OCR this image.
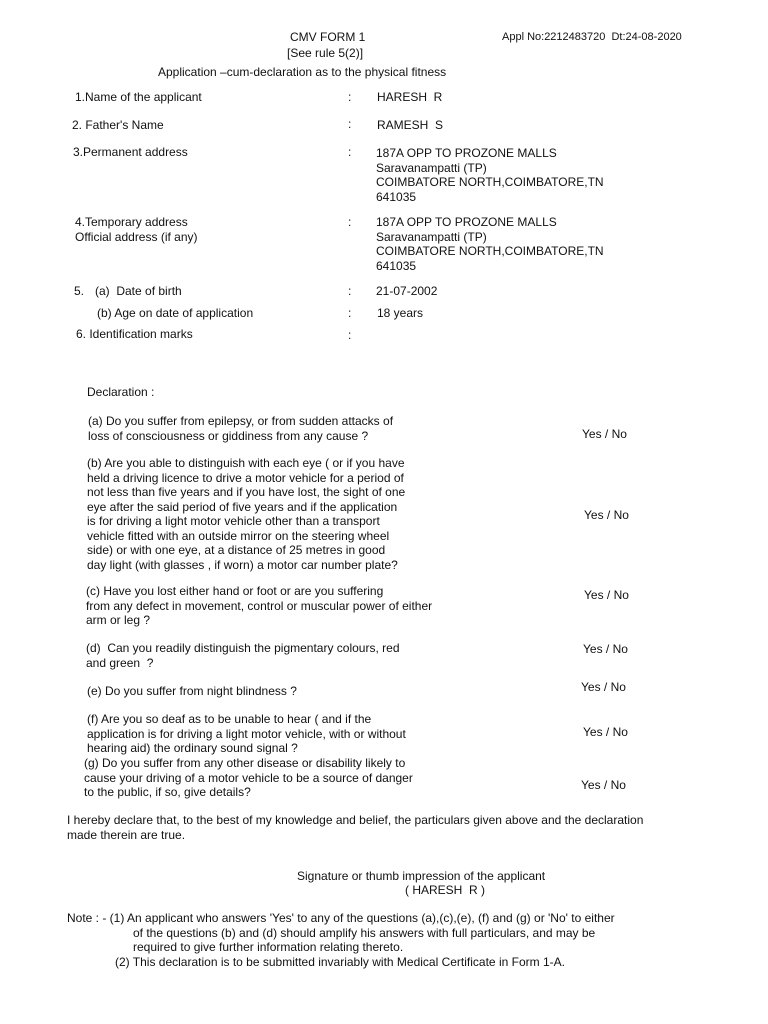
CMV FORM 1
[See rule 5(2)]
Application –cum-declaration as to the physical fitness
Appl No:2212483720  Dt:24-08-2020
1.Name of the applicant	: HARESH  R
2. Father's Name	: RAMESH  S
3.Permanent address	: 187A OPP TO PROZONE MALLS
Saravanampatti (TP)
COIMBATORE NORTH,COIMBATORE,TN
641035
4.Temporary address
Official address (if any)
: 187A OPP TO PROZONE MALLS
Saravanampatti (TP)
COIMBATORE NORTH,COIMBATORE,TN
641035
5. (a)  Date of birth	: 21-07-2002
(b) Age on date of application	: 18 years
6. Identification marks	:
Declaration :
(a) Do you suffer from epilepsy, or from sudden attacks of
loss of consciousness or giddiness from any cause ?	Yes / No
(b) Are you able to distinguish with each eye ( or if you have
held a driving licence to drive a motor vehicle for a period of
not less than five years and if you have lost, the sight of one
eye after the said period of five years and if the application
is for driving a light motor vehicle other than a transport
vehicle fitted with an outside mirror on the steering wheel
side) or with one eye, at a distance of 25 metres in good
day light (with glasses , if worn) a motor car number plate?
Yes / No
(c) Have you lost either hand or foot or are you suffering
from any defect in movement, control or muscular power of either
arm or leg ?
Yes / No
(d)  Can you readily distinguish the pigmentary colours, red
and green  ?
Yes / No
(e) Do you suffer from night blindness ?	Yes / No
(f) Are you so deaf as to be unable to hear ( and if the
application is for driving a light motor vehicle, with or without
hearing aid) the ordinary sound signal ?
Yes / No
(g) Do you suffer from any other disease or disability likely to
cause your driving of a motor vehicle to be a source of danger
to the public, if so, give details?	Yes / No
I hereby declare that, to the best of my knowledge and belief, the particulars given above and the declaration
made therein are true.
Signature or thumb impression of the applicant
( HARESH  R )
Note : - (1) An applicant who answers 'Yes' to any of the questions (a),(c),(e), (f) and (g) or 'No' to either
of the questions (b) and (d) should amplify his answers with full particulars, and may be
required to give further information relating thereto.
(2) This declaration is to be submitted invariably with Medical Certificate in Form 1-A.
